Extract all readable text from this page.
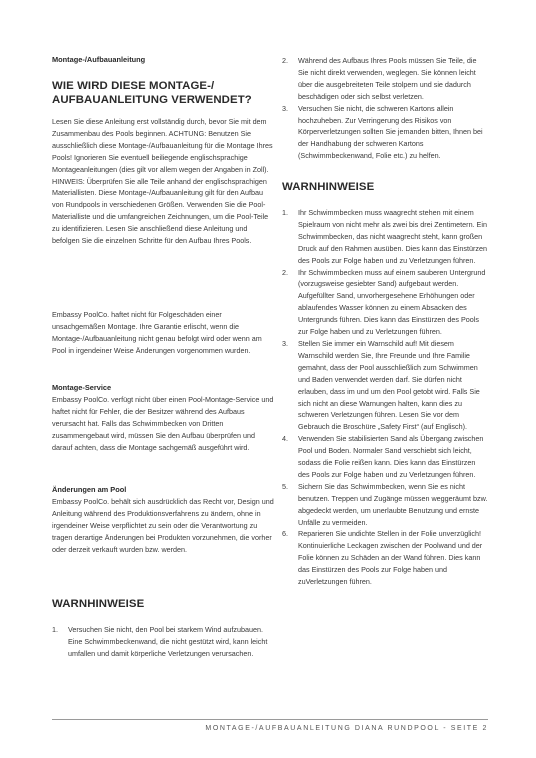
Montage-/Aufbauanleitung

WIE WIRD DIESE MONTAGE-/ AUFBAUANLEITUNG VERWENDET?

Lesen Sie diese Anleitung erst vollständig durch, bevor Sie mit dem Zusammenbau des Pools beginnen. ACHTUNG: Benutzen Sie ausschließlich diese Montage-/Aufbauanleitung für die Montage Ihres Pools! Ignorieren Sie eventuell beiliegende englischsprachige Montageanleitungen (dies gilt vor allem wegen der Angaben in Zoll). HINWEIS: Überprüfen Sie alle Teile anhand der englischsprachigen Materiallisten. Diese Montage-/Aufbauanleitung gilt für den Aufbau von Rundpools in verschiedenen Größen. Verwenden Sie die Pool-Materialliste und die umfangreichen Zeichnungen, um die Pool-Teile zu identifizieren. Lesen Sie anschließend diese Anleitung und befolgen Sie die einzelnen Schritte für den Aufbau Ihres Pools.

Embassy PoolCo. haftet nicht für Folgeschäden einer unsachgemäßen Montage. Ihre Garantie erlischt, wenn die Montage-/Aufbauanleitung nicht genau befolgt wird oder wenn am Pool in irgendeiner Weise Änderungen vorgenommen wurden.

Montage-Service

Embassy PoolCo. verfügt nicht über einen Pool-Montage-Service und haftet nicht für Fehler, die der Besitzer während des Aufbaus verursacht hat. Falls das Schwimmbecken von Dritten zusammengebaut wird, müssen Sie den Aufbau überprüfen und darauf achten, dass die Montage sachgemäß ausgeführt wird.

Änderungen am Pool

Embassy PoolCo. behält sich ausdrücklich das Recht vor, Design und Anleitung während des Produktionsverfahrens zu ändern, ohne in irgendeiner Weise verpflichtet zu sein oder die Verantwortung zu tragen derartige Änderungen bei Produkten vorzunehmen, die vorher oder derzeit verkauft wurden bzw. werden.

WARNHINWEISE
1. Versuchen Sie nicht, den Pool bei starkem Wind aufzubauen. Eine Schwimmbeckenwand, die nicht gestützt wird, kann leicht umfallen und damit körperliche Verletzungen verursachen.
2. Während des Aufbaus Ihres Pools müssen Sie Teile, die Sie nicht direkt verwenden, weglegen. Sie können leicht über die ausgebreiteten Teile stolpern und sie dadurch beschädigen oder sich selbst verletzen.
3. Versuchen Sie nicht, die schweren Kartons allein hochzuheben. Zur Verringerung des Risikos von Körperverletzungen sollten Sie jemanden bitten, Ihnen bei der Handhabung der schweren Kartons (Schwimmbeckenwand, Folie etc.) zu helfen.
WARNHINWEISE
1. Ihr Schwimmbecken muss waagrecht stehen mit einem Spielraum von nicht mehr als zwei bis drei Zentimetern. Ein Schwimmbecken, das nicht waagrecht steht, kann großen Druck auf den Rahmen ausüben. Dies kann das Einstürzen des Pools zur Folge haben und zu Verletzungen führen.
2. Ihr Schwimmbecken muss auf einem sauberen Untergrund (vorzugsweise gesiebter Sand) aufgebaut werden. Aufgefüllter Sand, unvorhergesehene Erhöhungen oder ablaufendes Wasser können zu einem Absacken des Untergrunds führen. Dies kann das Einstürzen des Pools zur Folge haben und zu Verletzungen führen.
3. Stellen Sie immer ein Warnschild auf! Mit diesem Warnschild werden Sie, Ihre Freunde und Ihre Familie gemahnt, dass der Pool ausschließlich zum Schwimmen und Baden verwendet werden darf. Sie dürfen nicht erlauben, dass im und um den Pool getobt wird. Falls Sie sich nicht an diese Warnungen halten, kann dies zu schweren Verletzungen führen. Lesen Sie vor dem Gebrauch die Broschüre „Safety First“ (auf Englisch).
4. Verwenden Sie stabilisierten Sand als Übergang zwischen Pool und Boden. Normaler Sand verschiebt sich leicht, sodass die Folie reißen kann. Dies kann das Einstürzen des Pools zur Folge haben und zu Verletzungen führen.
5. Sichern Sie das Schwimmbecken, wenn Sie es nicht benutzen. Treppen und Zugänge müssen weggeräumt bzw. abgedeckt werden, um unerlaubte Benutzung und ernste Unfälle zu vermeiden.
6. Reparieren Sie undichte Stellen in der Folie unverzüglich! Kontinuierliche Leckagen zwischen der Poolwand und der Folie können zu Schäden an der Wand führen. Dies kann das Einstürzen des Pools zur Folge haben und zuVerletzungen führen.
MONTAGE-/AUFBAUANLEITUNG DIANA RUNDPOOL - SEITE 2
